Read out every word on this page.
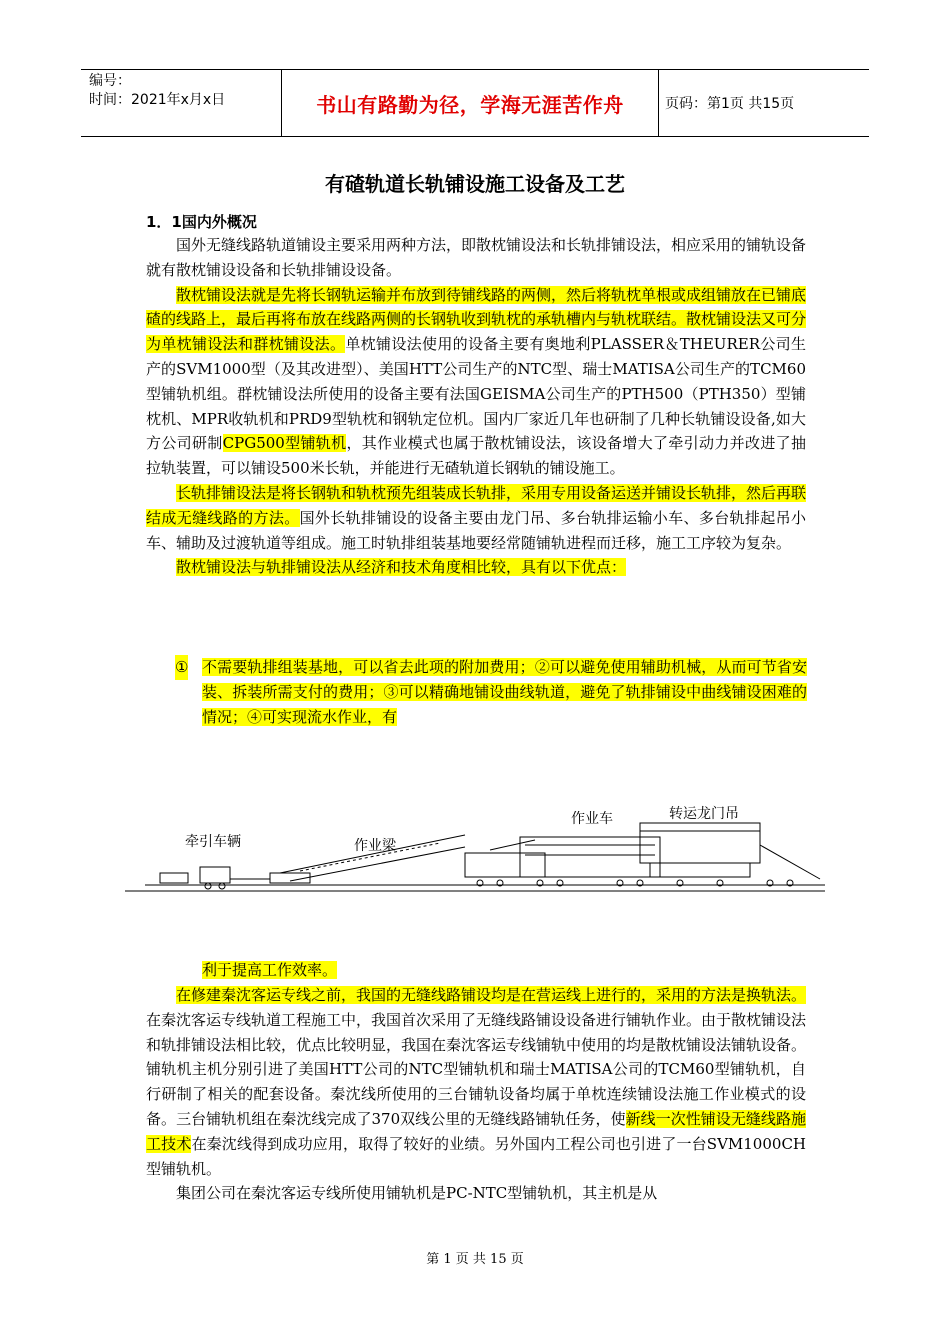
编号：
时间：2021年x月x日	书山有路勤为径，学海无涯苦作舟	页码：第1页 共15页
有碴轨道长轨铺设施工设备及工艺
1．1国内外概况

国外无缝线路轨道铺设主要采用两种方法，即散枕铺设法和长轨排铺设法，相应采用的铺轨设备就有散枕铺设设备和长轨排铺设设备。

散枕铺设法就是先将长钢轨运输并布放到待铺线路的两侧，然后将轨枕单根或成组铺放在已铺底碴的线路上，最后再将布放在线路两侧的长钢轨收到轨枕的承轨槽内与轨枕联结。散枕铺设法又可分为单枕铺设法和群枕铺设法。单枕铺设法使用的设备主要有奥地利PLASSER＆THEURER公司生产的SVM1000型（及其改进型）、美国HTT公司生产的NTC型、瑞士MATISA公司生产的TCM60型铺轨机组。群枕铺设法所使用的设备主要有法国GEISMA公司生产的PTH500（PTH350）型铺枕机、MPR收轨机和PRD9型轨枕和钢轨定位机。国内厂家近几年也研制了几种长轨铺设设备,如大方公司研制CPG500型铺轨机，其作业模式也属于散枕铺设法，该设备增大了牵引动力并改进了抽拉轨装置，可以铺设500米长轨，并能进行无碴轨道长钢轨的铺设施工。

长轨排铺设法是将长钢轨和轨枕预先组装成长轨排，采用专用设备运送并铺设长轨排，然后再联结成无缝线路的方法。国外长轨排铺设的设备主要由龙门吊、多台轨排运输小车、多台轨排起吊小车、辅助及过渡轨道等组成。施工时轨排组装基地要经常随铺轨进程而迁移，施工工序较为复杂。

散枕铺设法与轨排铺设法从经济和技术角度相比较，具有以下优点：

① 不需要轨排组装基地，可以省去此项的附加费用；②可以避免使用辅助机械，从而可节省安装、拆装所需支付的费用；③可以精确地铺设曲线轨道，避免了轨排铺设中曲线铺设困难的情况；④可实现流水作业，有
牵引车辆	作业梁
作业车	转运龙门吊
利于提高工作效率。

在修建秦沈客运专线之前，我国的无缝线路铺设均是在营运线上进行的，采用的方法是换轨法。在秦沈客运专线轨道工程施工中，我国首次采用了无缝线路铺设设备进行铺轨作业。由于散枕铺设法和轨排铺设法相比较，优点比较明显，我国在秦沈客运专线铺轨中使用的均是散枕铺设法铺轨设备。铺轨机主机分别引进了美国HTT公司的NTC型铺轨机和瑞士MATISA公司的TCM60型铺轨机，自行研制了相关的配套设备。秦沈线所使用的三台铺轨设备均属于单枕连续铺设法施工作业模式的设备。三台铺轨机组在秦沈线完成了370双线公里的无缝线路铺轨任务，使新线一次性铺设无缝线路施工技术在秦沈线得到成功应用，取得了较好的业绩。另外国内工程公司也引进了一台SVM1000CH型铺轨机。

集团公司在秦沈客运专线所使用铺轨机是PC-NTC型铺轨机，其主机是从

第 1 页 共 15 页
